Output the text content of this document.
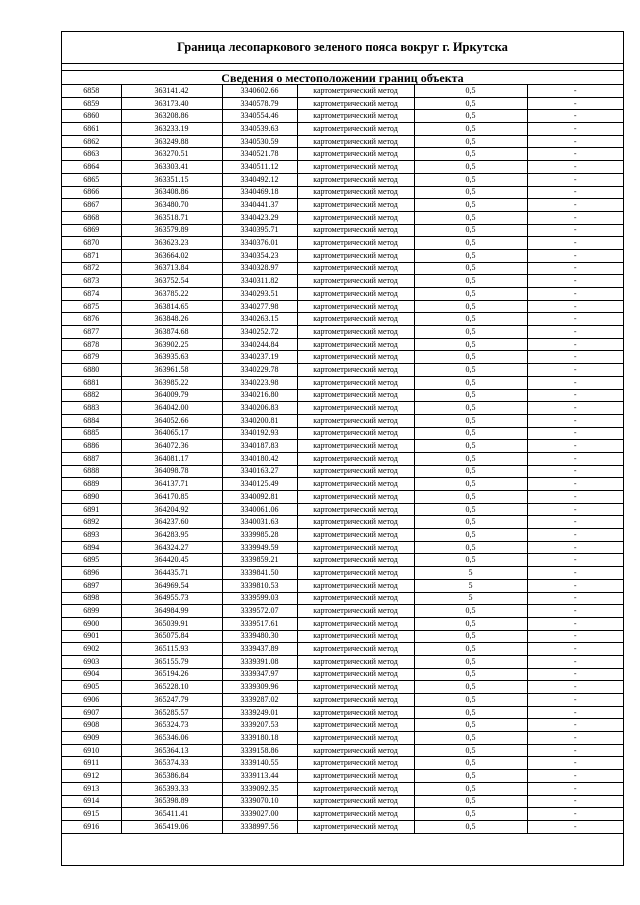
Граница лесопаркового зеленого пояса вокруг г. Иркутска
Сведения о местоположении границ объекта
6858	363141.42	3340602.66	картометрический метод	0,5	-
6859	363173.40	3340578.79	картометрический метод	0,5	-
6860	363208.86	3340554.46	картометрический метод	0,5	-
6861	363233.19	3340539.63	картометрический метод	0,5	-
6862	363249.88	3340530.59	картометрический метод	0,5	-
6863	363270.51	3340521.78	картометрический метод	0,5	-
6864	363303.41	3340511.12	картометрический метод	0,5	-
6865	363351.15	3340492.12	картометрический метод	0,5	-
6866	363408.86	3340469.18	картометрический метод	0,5	-
6867	363480.70	3340441.37	картометрический метод	0,5	-
6868	363518.71	3340423.29	картометрический метод	0,5	-
6869	363579.89	3340395.71	картометрический метод	0,5	-
6870	363623.23	3340376.01	картометрический метод	0,5	-
6871	363664.02	3340354.23	картометрический метод	0,5	-
6872	363713.84	3340328.97	картометрический метод	0,5	-
6873	363752.54	3340311.82	картометрический метод	0,5	-
6874	363785.22	3340293.51	картометрический метод	0,5	-
6875	363814.65	3340277.98	картометрический метод	0,5	-
6876	363848.26	3340263.15	картометрический метод	0,5	-
6877	363874.68	3340252.72	картометрический метод	0,5	-
6878	363902.25	3340244.84	картометрический метод	0,5	-
6879	363935.63	3340237.19	картометрический метод	0,5	-
6880	363961.58	3340229.78	картометрический метод	0,5	-
6881	363985.22	3340223.98	картометрический метод	0,5	-
6882	364009.79	3340216.80	картометрический метод	0,5	-
6883	364042.00	3340206.83	картометрический метод	0,5	-
6884	364052.66	3340200.81	картометрический метод	0,5	-
6885	364065.17	3340192.93	картометрический метод	0,5	-
6886	364072.36	3340187.83	картометрический метод	0,5	-
6887	364081.17	3340180.42	картометрический метод	0,5	-
6888	364098.78	3340163.27	картометрический метод	0,5	-
6889	364137.71	3340125.49	картометрический метод	0,5	-
6890	364170.85	3340092.81	картометрический метод	0,5	-
6891	364204.92	3340061.06	картометрический метод	0,5	-
6892	364237.60	3340031.63	картометрический метод	0,5	-
6893	364283.95	3339985.28	картометрический метод	0,5	-
6894	364324.27	3339949.59	картометрический метод	0,5	-
6895	364420.45	3339859.21	картометрический метод	0,5	-
6896	364435.71	3339841.50	картометрический метод	5	-
6897	364969.54	3339810.53	картометрический метод	5	-
6898	364955.73	3339599.03	картометрический метод	5	-
6899	364984.99	3339572.07	картометрический метод	0,5	-
6900	365039.91	3339517.61	картометрический метод	0,5	-
6901	365075.84	3339480.30	картометрический метод	0,5	-
6902	365115.93	3339437.89	картометрический метод	0,5	-
6903	365155.79	3339391.08	картометрический метод	0,5	-
6904	365194.26	3339347.97	картометрический метод	0,5	-
6905	365228.10	3339309.96	картометрический метод	0,5	-
6906	365247.79	3339287.02	картометрический метод	0,5	-
6907	365285.57	3339249.01	картометрический метод	0,5	-
6908	365324.73	3339207.53	картометрический метод	0,5	-
6909	365346.06	3339180.18	картометрический метод	0,5	-
6910	365364.13	3339158.86	картометрический метод	0,5	-
6911	365374.33	3339140.55	картометрический метод	0,5	-
6912	365386.84	3339113.44	картометрический метод	0,5	-
6913	365393.33	3339092.35	картометрический метод	0,5	-
6914	365398.89	3339070.10	картометрический метод	0,5	-
6915	365411.41	3339027.00	картометрический метод	0,5	-
6916	365419.06	3338997.56	картометрический метод	0,5	-
